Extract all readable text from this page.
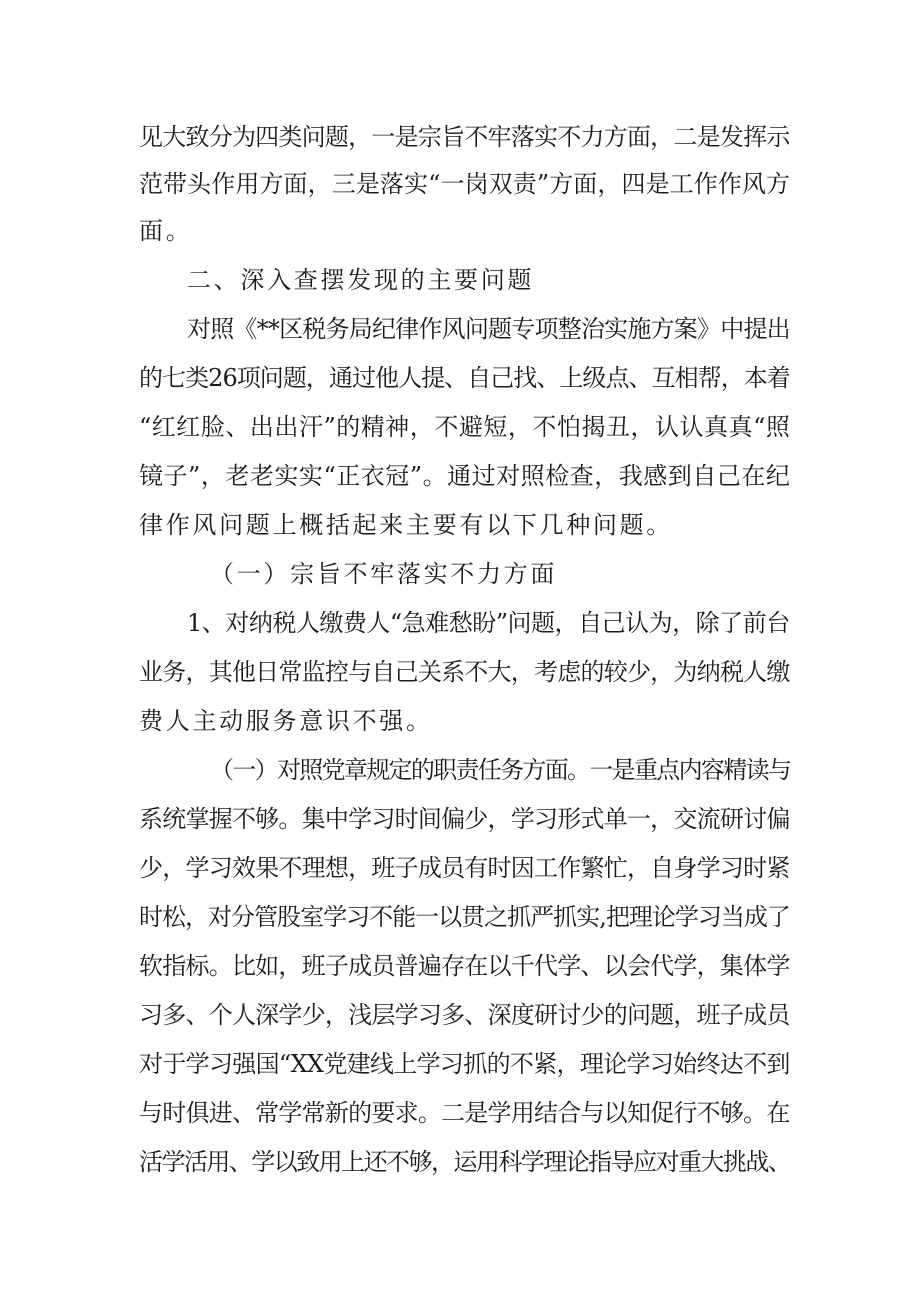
见大致分为四类问题，一是宗旨不牢落实不力方面，二是发挥示
范带头作用方面，三是落实“一岗双责”方面，四是工作作风方
面。
二、深入查摆发现的主要问题
对照《**区税务局纪律作风问题专项整治实施方案》中提出
的七类26项问题，通过他人提、自己找、上级点、互相帮，本着
“红红脸、出出汗”的精神，不避短，不怕揭丑，认认真真“照
镜子”，老老实实“正衣冠”。通过对照检查，我感到自己在纪
律作风问题上概括起来主要有以下几种问题。
（一）宗旨不牢落实不力方面
1、对纳税人缴费人“急难愁盼”问题，自己认为，除了前台
业务，其他日常监控与自己关系不大，考虑的较少，为纳税人缴
费人主动服务意识不强。
（一）对照党章规定的职责任务方面。一是重点内容精读与
系统掌握不够。集中学习时间偏少，学习形式单一，交流研讨偏
少，学习效果不理想，班子成员有时因工作繁忙，自身学习时紧
时松，对分管股室学习不能一以贯之抓严抓实,把理论学习当成了
软指标。比如，班子成员普遍存在以千代学、以会代学，集体学
习多、个人深学少，浅层学习多、深度研讨少的问题，班子成员
对于学习强国“XX党建线上学习抓的不紧，理论学习始终达不到
与时俱进、常学常新的要求。二是学用结合与以知促行不够。在
活学活用、学以致用上还不够，运用科学理论指导应对重大挑战、
